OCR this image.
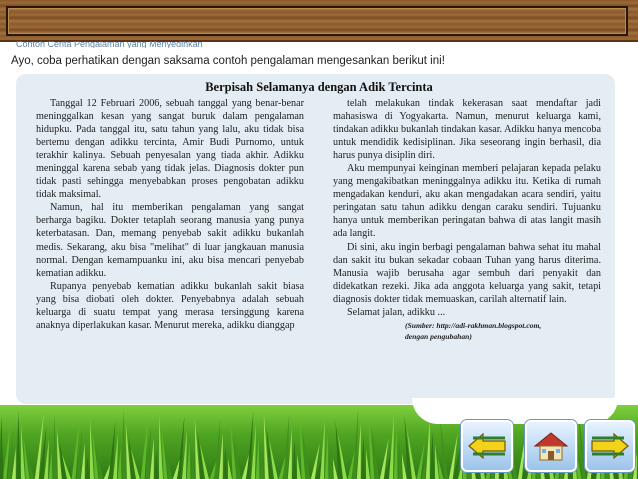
Contoh Cerita Pengalaman yang Menyedihkan
Ayo, coba perhatikan dengan saksama contoh pengalaman mengesankan berikut ini!
Berpisah Selamanya dengan Adik Tercinta

Tanggal 12 Februari 2006, sebuah tanggal yang benar-benar meninggalkan kesan yang sangat buruk dalam pengalaman hidupku. Pada tanggal itu, satu tahun yang lalu, aku tidak bisa bertemu dengan adikku tercinta, Amir Budi Purnomo, untuk terakhir kalinya. Sebuah penyesalan yang tiada akhir. Adikku meninggal karena sebab yang tidak jelas. Diagnosis dokter pun tidak pasti sehingga menyebabkan proses pengobatan adikku tidak maksimal.

Namun, hal itu memberikan pengalaman yang sangat berharga bagiku. Dokter tetaplah seorang manusia yang punya keterbatasan. Dan, memang penyebab sakit adikku bukanlah medis. Sekarang, aku bisa "melihat" di luar jangkauan manusia normal. Dengan kemampuanku ini, aku bisa mencari penyebab kematian adikku.

Rupanya penyebab kematian adikku bukanlah sakit biasa yang bisa diobati oleh dokter. Penyebabnya adalah sebuah keluarga di suatu tempat yang merasa tersinggung karena anaknya diperlakukan kasar. Menurut mereka, adikku dianggap

telah melakukan tindak kekerasan saat mendaftar jadi mahasiswa di Yogyakarta. Namun, menurut keluarga kami, tindakan adikku bukanlah tindakan kasar. Adikku hanya mencoba untuk mendidik kedisiplinan. Jika seseorang ingin berhasil, dia harus punya disiplin diri.

Aku mempunyai keinginan memberi pelajaran kepada pelaku yang mengakibatkan meninggalnya adikku itu. Ketika di rumah mengadakan kenduri, aku akan mengadakan acara sendiri, yaitu peringatan satu tahun adikku dengan caraku sendiri. Tujuanku hanya untuk memberikan peringatan bahwa di atas langit masih ada langit.

Di sini, aku ingin berbagi pengalaman bahwa sehat itu mahal dan sakit itu bukan sekadar cobaan Tuhan yang harus diterima. Manusia wajib berusaha agar sembuh dari penyakit dan didekatkan rezeki. Jika ada anggota keluarga yang sakit, tetapi diagnosis dokter tidak memuaskan, carilah alternatif lain.

Selamat jalan, adikku ...

(Sumber: http://adi-rakhman.blogspot.com,

dengan pengubahan)
